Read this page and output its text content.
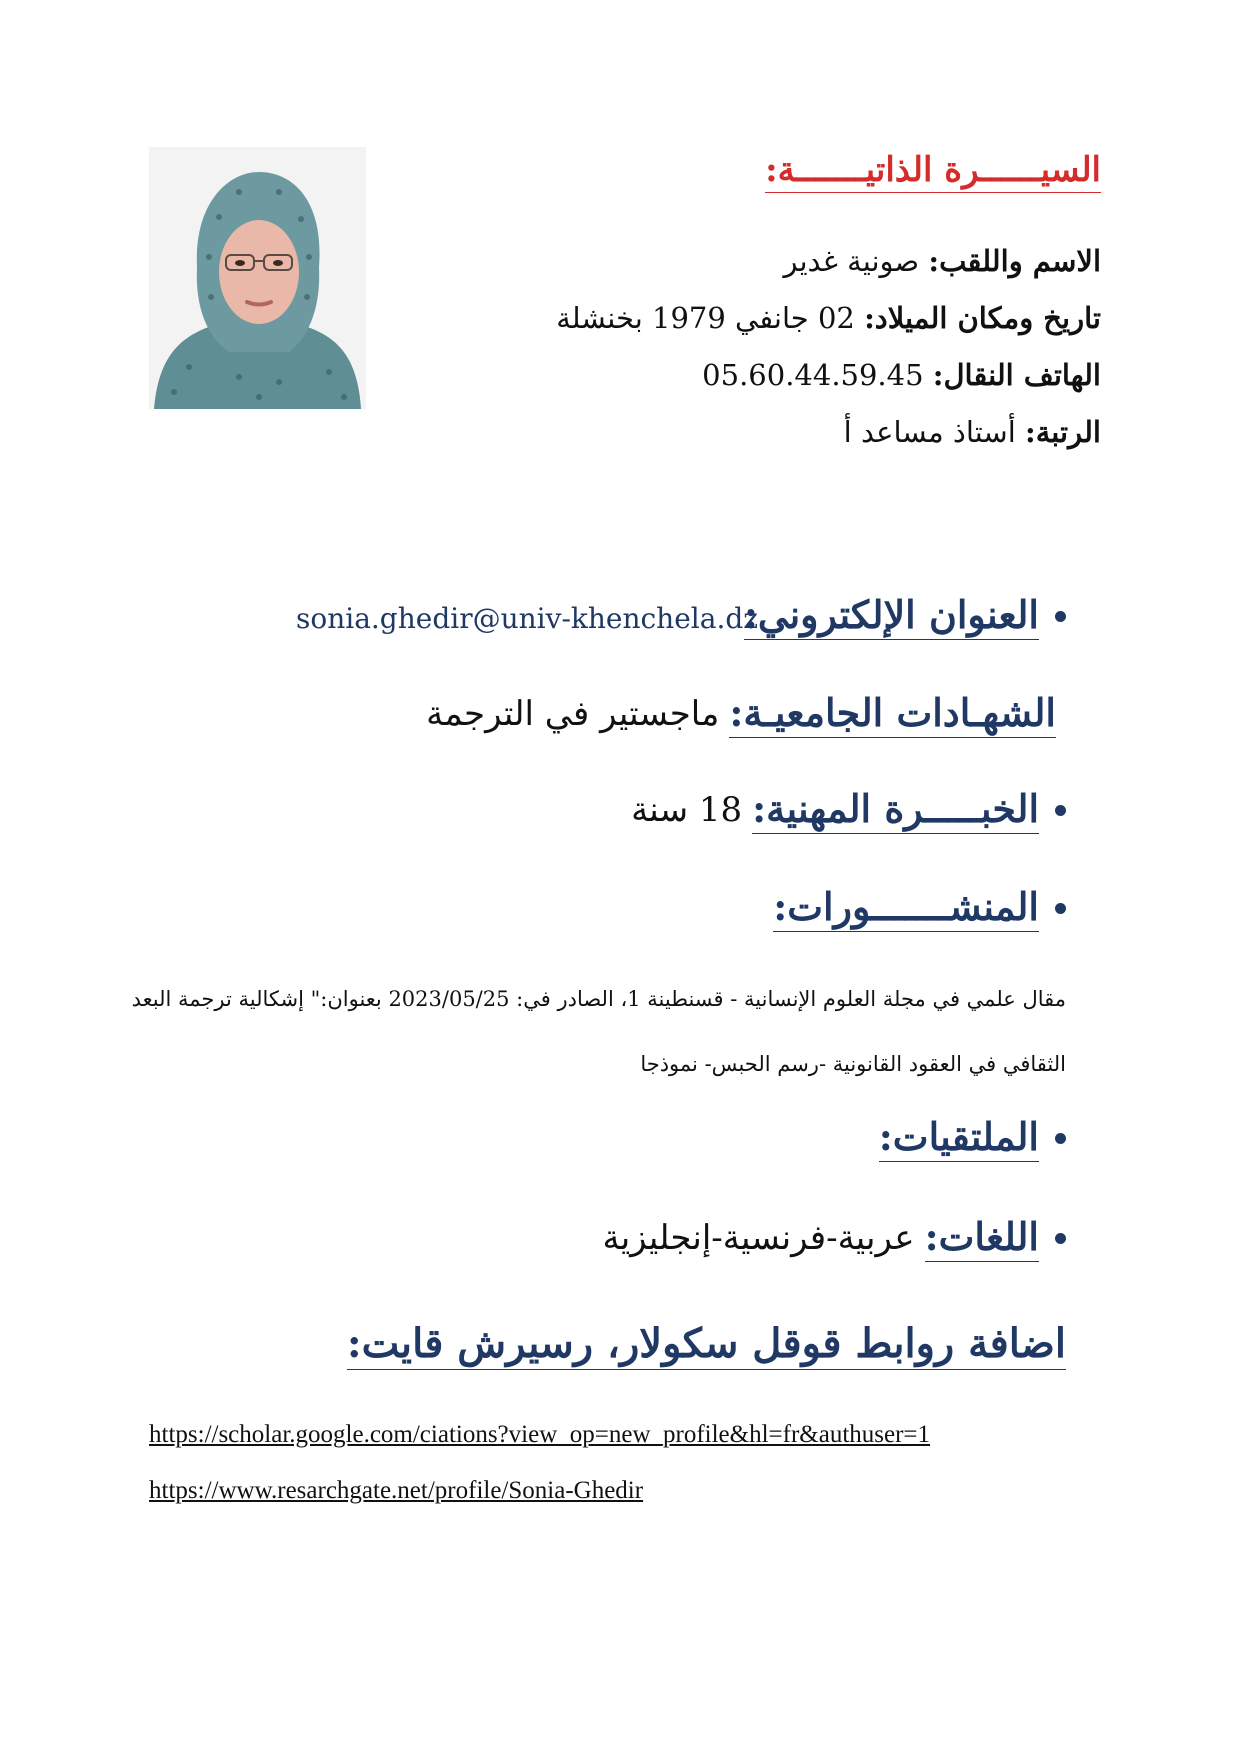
السيــــــرة الذاتيـــــــة:
الاسم واللقب: صونية غدير
تاريخ ومكان الميلاد: 02 جانفي 1979 بخنشلة
الهاتف النقال: 05.60.44.59.45
الرتبة: أستاذ مساعد أ
العنوان الإلكتروني:
sonia.ghedir@univ-khenchela.dz
الشهـادات الجامعيـة:
ماجستير في الترجمة
الخبـــــرة المهنية:
18 سنة
المنشـــــــورات:
مقال علمي في مجلة العلوم الإنسانية - قسنطينة 1، الصادر في: 2023/05/25 بعنوان:" إشكالية ترجمة البعد
الثقافي في العقود القانونية -رسم الحبس- نموذجا
الملتقيات:
اللغات:
عربية-فرنسية-إنجليزية
اضافة روابط قوقل سكولار، رسيرش قايت:
https://scholar.google.com/ciations?view_op=new_profile&hl=fr&authuser=1
https://www.resarchgate.net/profile/Sonia-Ghedir
